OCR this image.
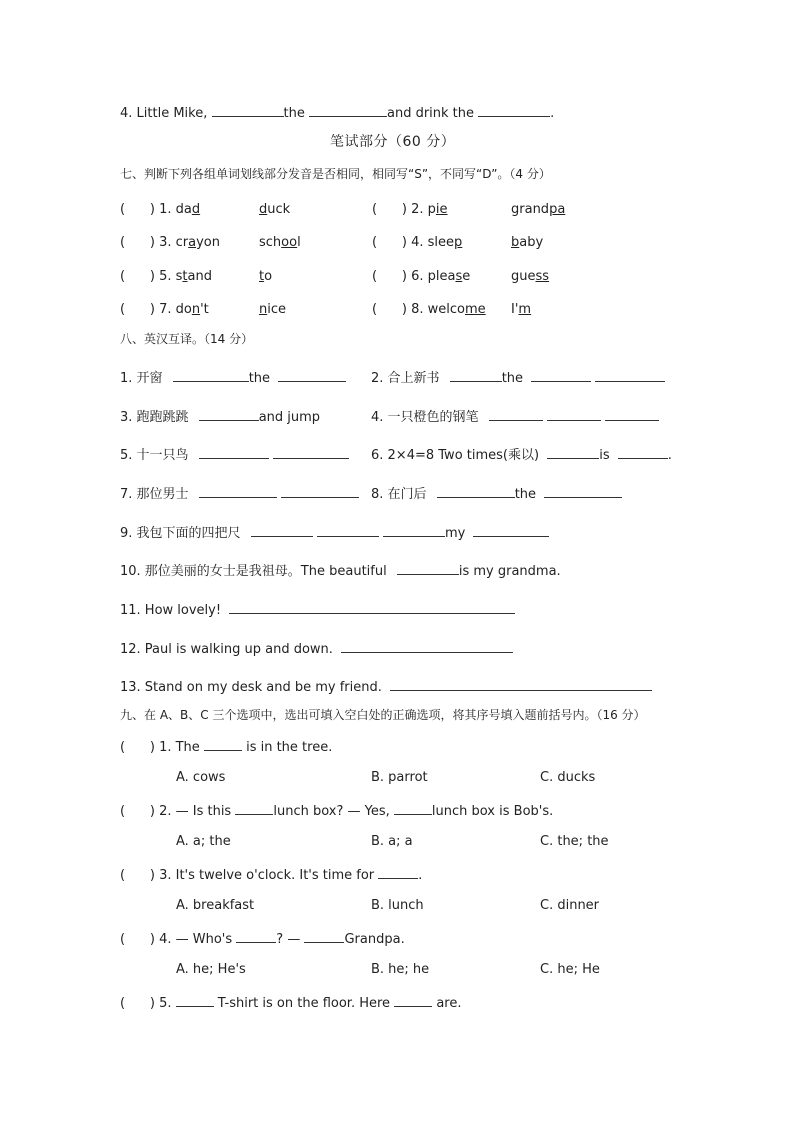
4. Little Mike,	the	and drink the	.
笔试部分（60 分）
七、判断下列各组单词划线部分发音是否相同，相同写“S”，不同写“D”。（4 分）
(      ) 1. dad	duck	(      ) 2. pie	grandpa
(      ) 3. crayon	school	(      ) 4. sleep	baby
(      ) 5. stand	to	(      ) 6. please	guess
(      ) 7. don't	nice	(      ) 8. welcome I'm
八、英汉互译。（14 分）
1. 开窗	the	2. 合上新书	the
3. 跑跑跳跳	and jump	4. 一只橙色的钢笔
5. 十一只鸟	6. 2×4=8 Two times(乘以)	is	.
7. 那位男士	8. 在门后	the
9. 我包下面的四把尺	my
10. 那位美丽的女士是我祖母。The beautiful	is my grandma.
11. How lovely!
12. Paul is walking up and down.
13. Stand on my desk and be my friend.
九、在 A、B、C 三个选项中，选出可填入空白处的正确选项，将其序号填入题前括号内。（16 分）
(      ) 1. The	is in the tree.
A. cows	B. parrot	C. ducks
(      ) 2. — Is this	lunch box? — Yes,	lunch box is Bob's.
A. a; the	B. a; a	C. the; the
(      ) 3. It's twelve o'clock. It's time for	.
A. breakfast	B. lunch	C. dinner
(      ) 4. — Who's	? —	Grandpa.
A. he; He's	B. he; he	C. he; He
(      ) 5.	T-shirt is on the floor. Here	are.
